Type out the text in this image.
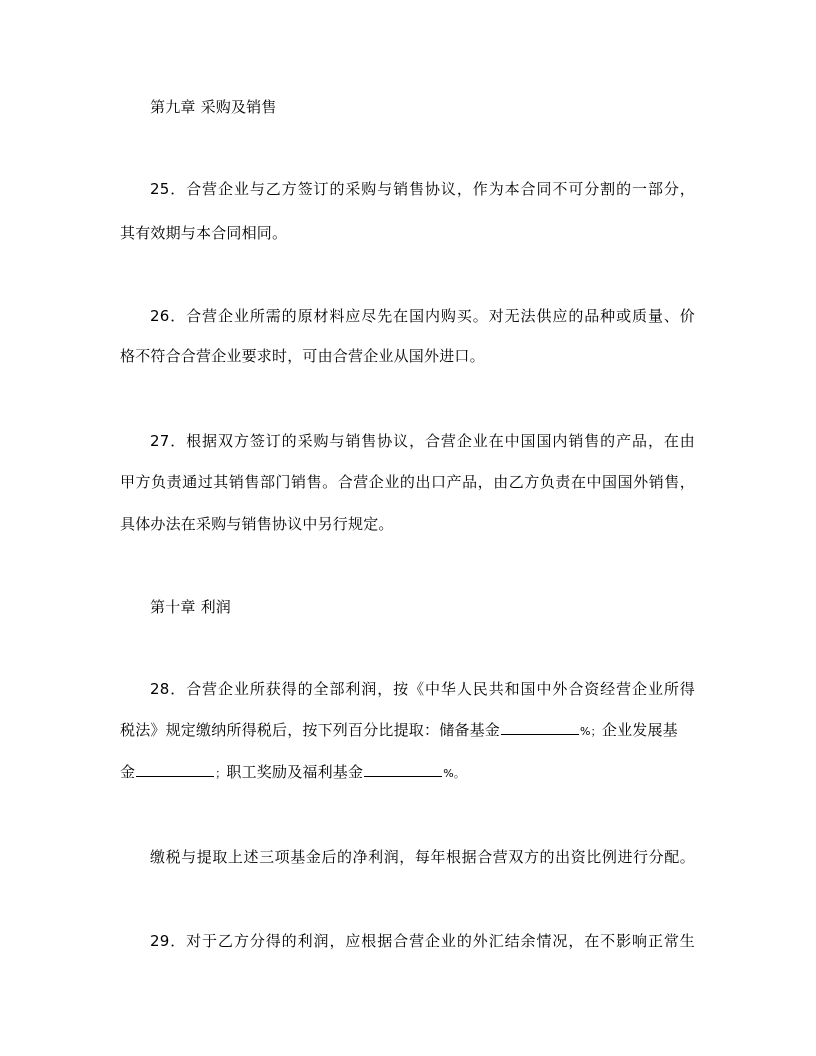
第九章 采购及销售
25．合营企业与乙方签订的采购与销售协议，作为本合同不可分割的一部分，
其有效期与本合同相同。
26．合营企业所需的原材料应尽先在国内购买。对无法供应的品种或质量、价
格不符合合营企业要求时，可由合营企业从国外进口。
27．根据双方签订的采购与销售协议，合营企业在中国国内销售的产品，在由
甲方负责通过其销售部门销售。合营企业的出口产品，由乙方负责在中国国外销售，
具体办法在采购与销售协议中另行规定。
第十章 利润
28．合营企业所获得的全部利润，按《中华人民共和国中外合资经营企业所得
税法》规定缴纳所得税后，按下列百分比提取：储备基金	%；企业发展基
金	；职工奖励及福利基金	%。
缴税与提取上述三项基金后的净利润，每年根据合营双方的出资比例进行分配。
29．对于乙方分得的利润，应根据合营企业的外汇结余情况，在不影响正常生
